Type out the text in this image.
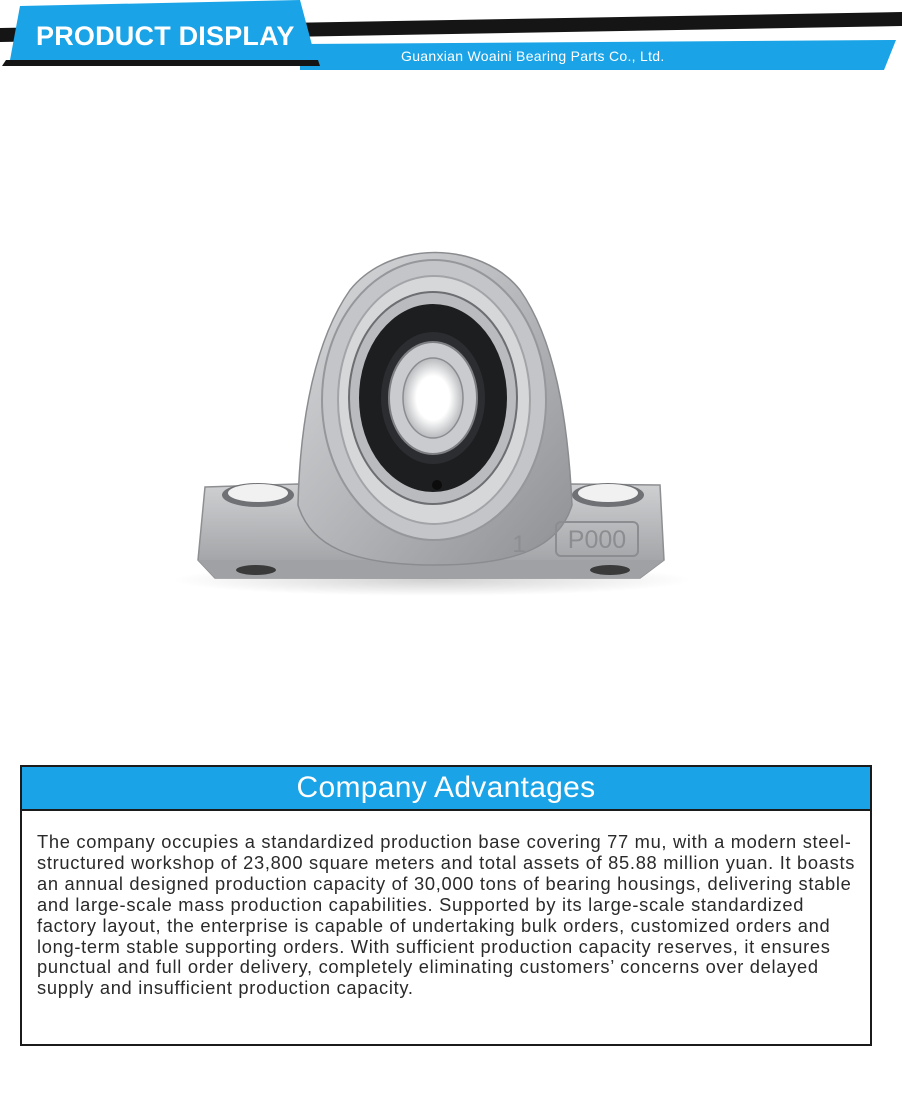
PRODUCT DISPLAY
Guanxian Woaini Bearing Parts Co., Ltd.
P000
1
Company Advantages
The company occupies a standardized production base covering 77 mu, with a modern steel-structured workshop of 23,800 square meters and total assets of 85.88 million yuan. It boasts an annual designed production capacity of 30,000 tons of bearing housings, delivering stable and large-scale mass production capabilities. Supported by its large-scale standardized factory layout, the enterprise is capable of undertaking bulk orders, customized orders and long-term stable supporting orders. With sufficient production capacity reserves, it ensures punctual and full order delivery, completely eliminating customers’ concerns over delayed supply and insufficient production capacity.
